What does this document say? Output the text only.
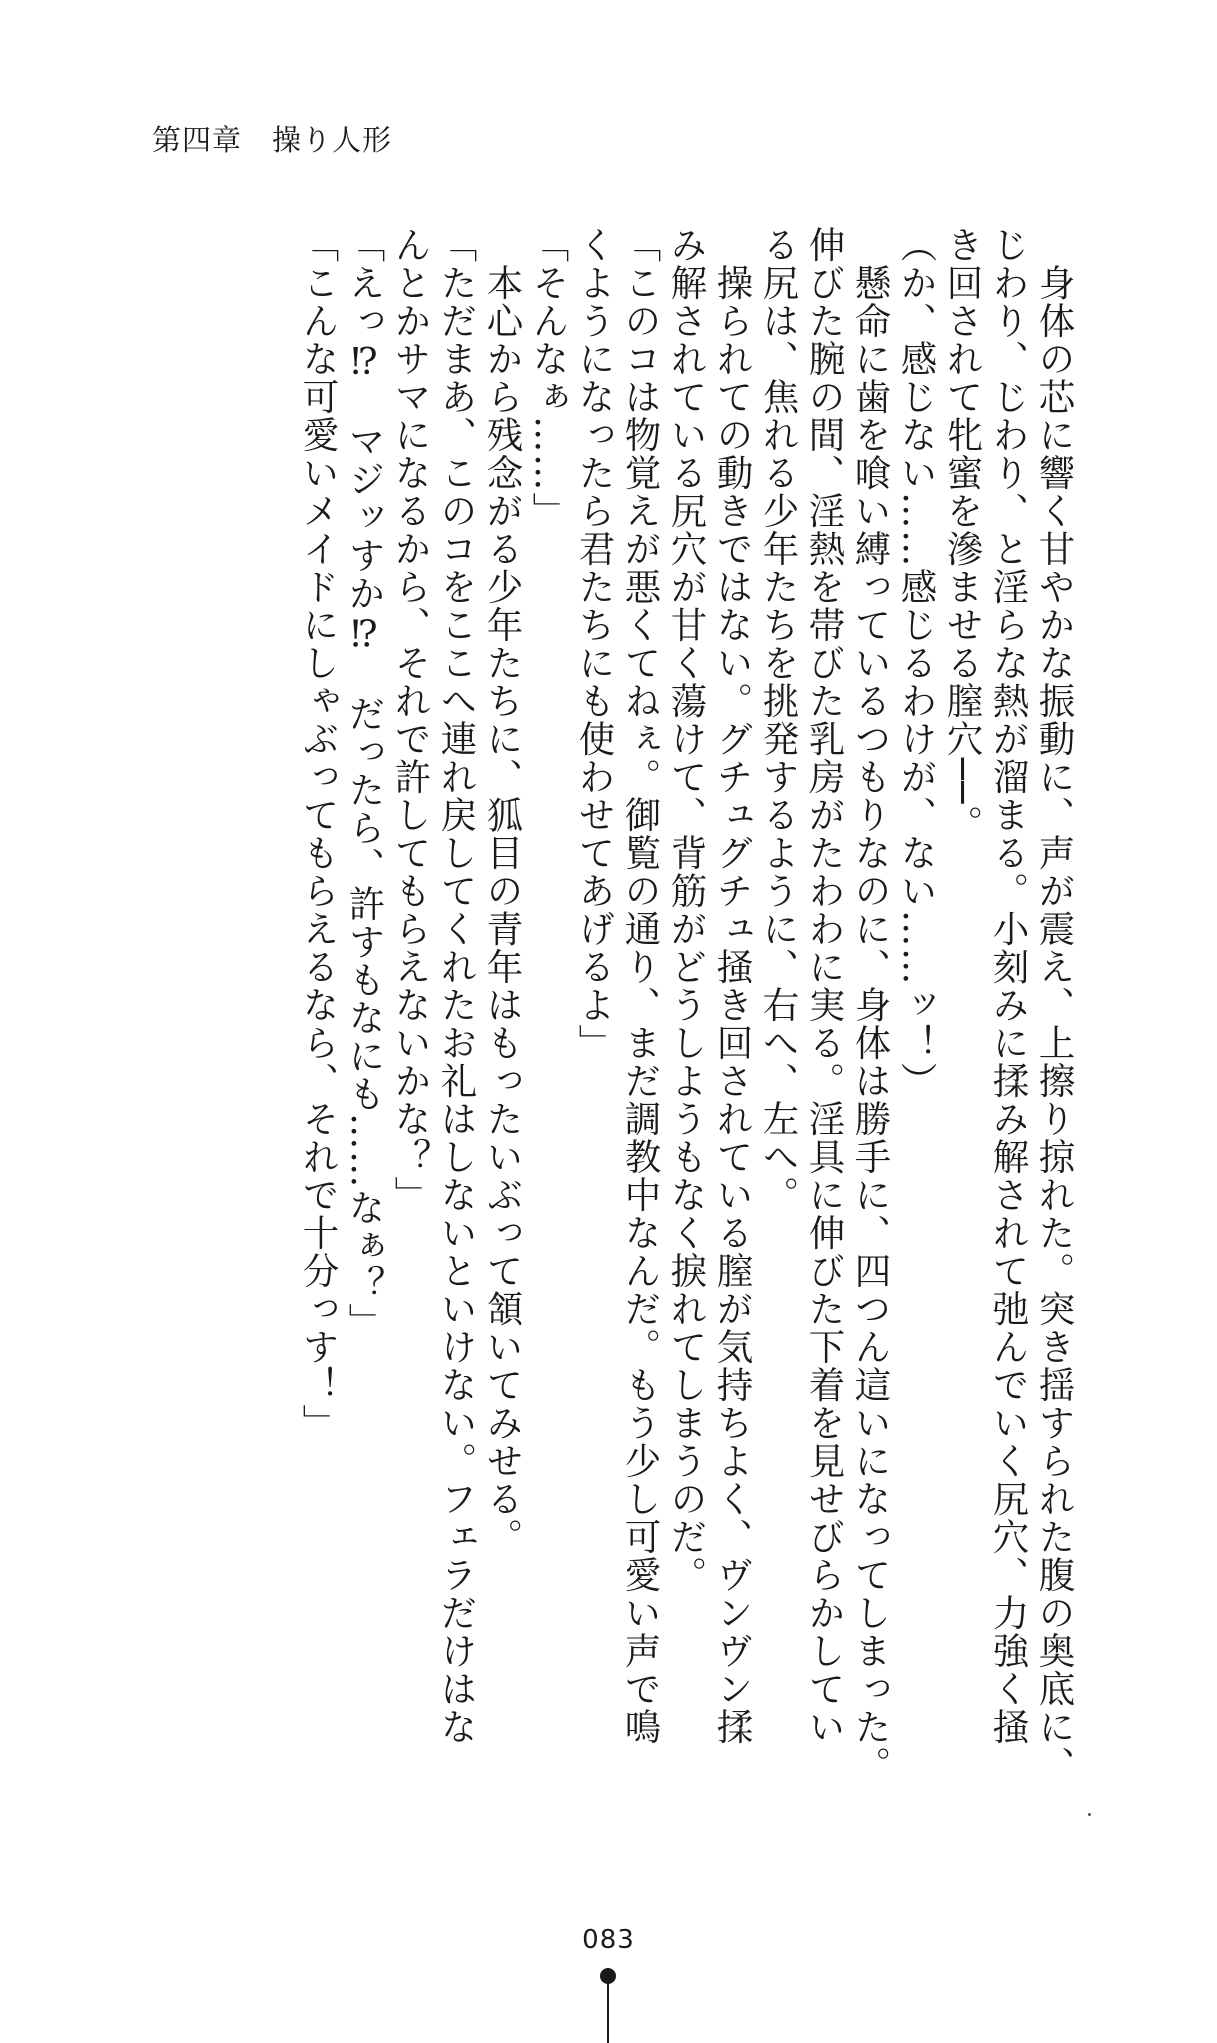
第四章　操り人形
　身体の芯に響く甘やかな振動に、声が震え、上擦り掠れた。突き揺すられた腹の奥底に、
じわり、じわり、と淫らな熱が溜まる。小刻みに揉み解されて弛んでいく尻穴、力強く掻
き回されて牝蜜を滲ませる膣穴──。
（か、感じない……感じるわけが、ない……ッ！）
　懸命に歯を喰い縛っているつもりなのに、身体は勝手に、四つん這いになってしまった。
伸びた腕の間、淫熱を帯びた乳房がたわわに実る。淫具に伸びた下着を見せびらかしてい
る尻は、焦れる少年たちを挑発するように、右へ、左へ。
　操られての動きではない。グチュグチュ掻き回されている膣が気持ちよく、ヴンヴン揉
み解されている尻穴が甘く蕩けて、背筋がどうしようもなく捩れてしまうのだ。
「このコは物覚えが悪くてねぇ。御覧の通り、まだ調教中なんだ。もう少し可愛い声で鳴
くようになったら君たちにも使わせてあげるよ」
「そんなぁ……」
　本心から残念がる少年たちに、狐目の青年はもったいぶって頷いてみせる。
「ただまあ、このコをここへ連れ戻してくれたお礼はしないといけない。フェラだけはな
んとかサマになるから、それで許してもらえないかな？」
「えっ⁉　マジッすか⁉　だったら、許すもなにも……なぁ？」
「こんな可愛いメイドにしゃぶってもらえるなら、それで十分っす！」
083
